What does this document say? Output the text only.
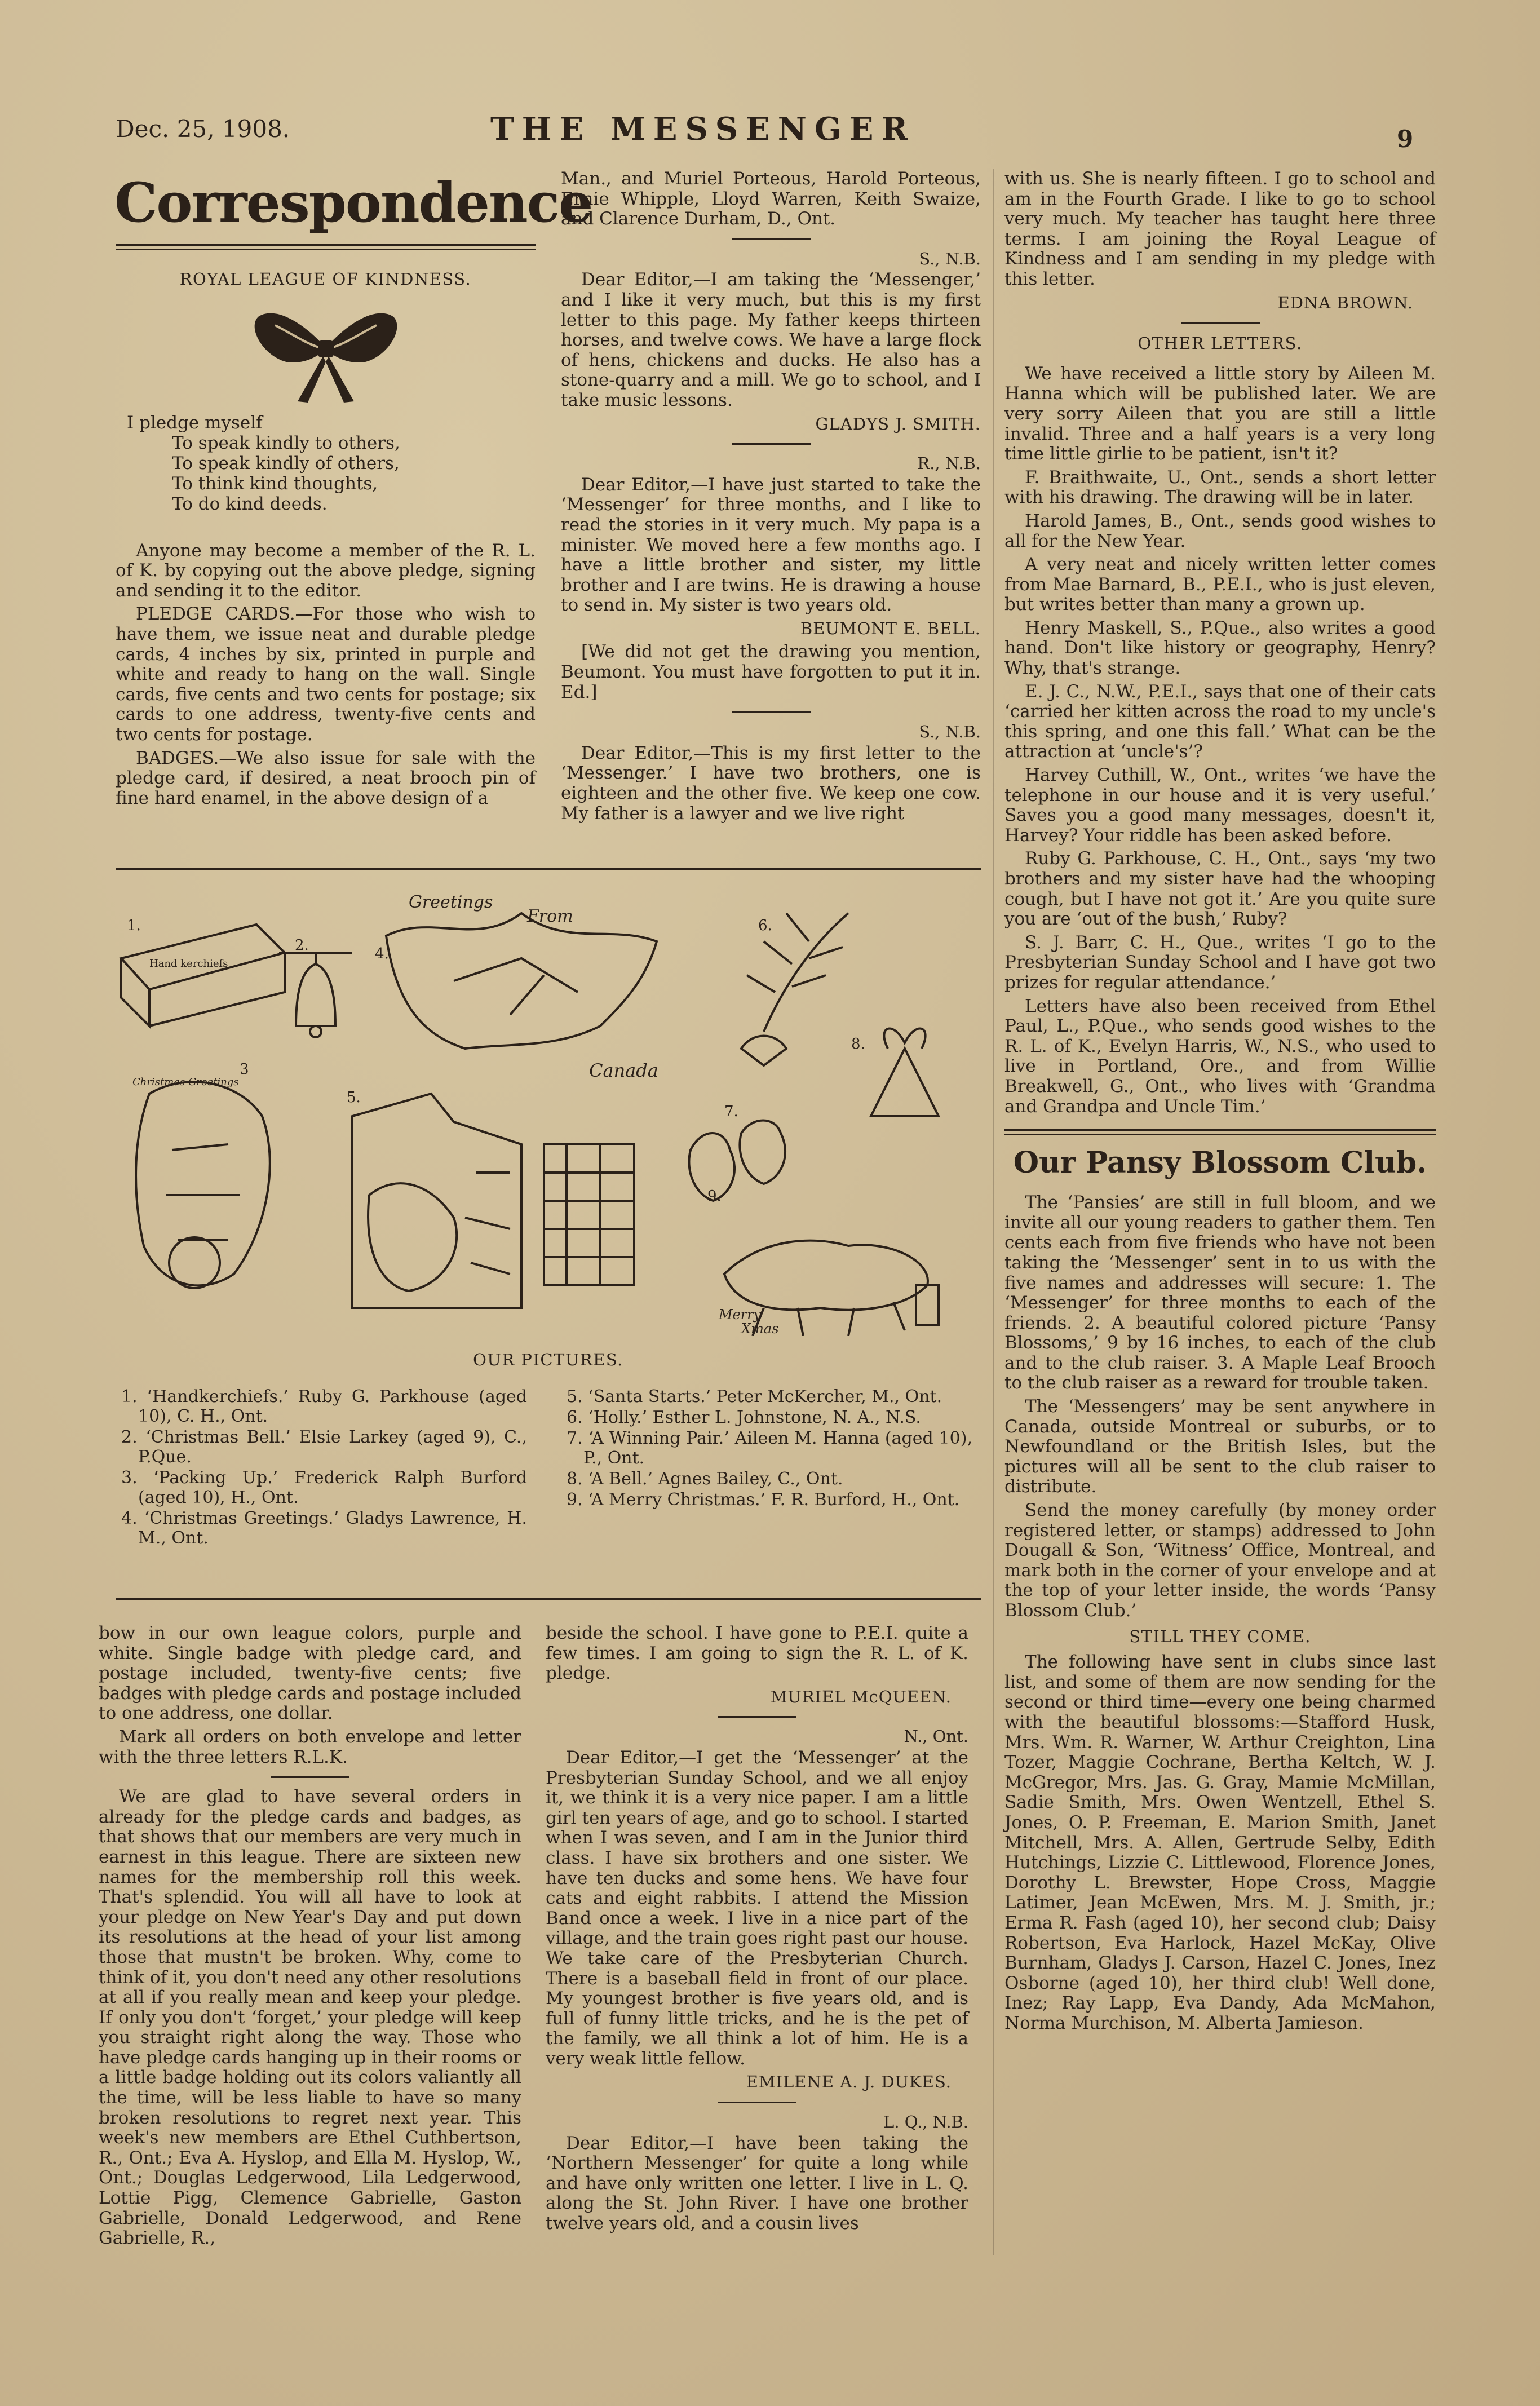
Dec. 25, 1908.	THE MESSENGER	9
Correspondence
ROYAL LEAGUE OF KINDNESS.
I pledge myself
To speak kindly to others,
To speak kindly of others,
To think kind thoughts,
To do kind deeds.

Anyone may become a member of the R. L. of K. by copying out the above pledge, signing and sending it to the editor.

PLEDGE CARDS.—For those who wish to have them, we issue neat and durable pledge cards, 4 inches by six, printed in purple and white and ready to hang on the wall. Single cards, five cents and two cents for postage; six cards to one address, twenty-five cents and two cents for postage.

BADGES.—We also issue for sale with the pledge card, if desired, a neat brooch pin of fine hard enamel, in the above design of a

Man., and Muriel Porteous, Harold Porteous, Ernie Whipple, Lloyd Warren, Keith Swaize, and Clarence Durham, D., Ont.

S., N.B.

Dear Editor,—I am taking the ‘Messenger,’ and I like it very much, but this is my first letter to this page. My father keeps thirteen horses, and twelve cows. We have a large flock of hens, chickens and ducks. He also has a stone-quarry and a mill. We go to school, and I take music lessons.

GLADYS J. SMITH.
R., N.B.

Dear Editor,—I have just started to take the ‘Messenger’ for three months, and I like to read the stories in it very much. My papa is a minister. We moved here a few months ago. I have a little brother and sister, my little brother and I are twins. He is drawing a house to send in. My sister is two years old.

BEUMONT E. BELL.

[We did not get the drawing you mention, Beumont. You must have forgotten to put it in. Ed.]

S., N.B.

Dear Editor,—This is my first letter to the ‘Messenger.’ I have two brothers, one is eighteen and the other five. We keep one cow. My father is a lawyer and we live right

with us. She is nearly fifteen. I go to school and am in the Fourth Grade. I like to go to school very much. My teacher has taught here three terms. I am joining the Royal League of Kindness and I am sending in my pledge with this letter.

EDNA BROWN.
OTHER LETTERS.

We have received a little story by Aileen M. Hanna which will be published later. We are very sorry Aileen that you are still a little invalid. Three and a half years is a very long time little girlie to be patient, isn't it?

F. Braithwaite, U., Ont., sends a short letter with his drawing. The drawing will be in later.

Harold James, B., Ont., sends good wishes to all for the New Year.

A very neat and nicely written letter comes from Mae Barnard, B., P.E.I., who is just eleven, but writes better than many a grown up.

Henry Maskell, S., P.Que., also writes a good hand. Don't like history or geography, Henry? Why, that's strange.

E. J. C., N.W., P.E.I., says that one of their cats ‘carried her kitten across the road to my uncle's this spring, and one this fall.’ What can be the attraction at ‘uncle's’?

Harvey Cuthill, W., Ont., writes ‘we have the telephone in our house and it is very useful.’ Saves you a good many messages, doesn't it, Harvey? Your riddle has been asked before.

Ruby G. Parkhouse, C. H., Ont., says ‘my two brothers and my sister have had the whooping cough, but I have not got it.’ Are you quite sure you are ‘out of the bush,’ Ruby?

S. J. Barr, C. H., Que., writes ‘I go to the Presbyterian Sunday School and I have got two prizes for regular attendance.’

Letters have also been received from Ethel Paul, L., P.Que., who sends good wishes to the R. L. of K., Evelyn Harris, W., N.S., who used to live in Portland, Ore., and from Willie Breakwell, G., Ont., who lives with ‘Grandma and Grandpa and Uncle Tim.’

Our Pansy Blossom Club.

The ‘Pansies’ are still in full bloom, and we invite all our young readers to gather them. Ten cents each from five friends who have not been taking the ‘Messenger’ sent in to us with the five names and addresses will secure: 1. The ‘Messenger’ for three months to each of the friends. 2. A beautiful colored picture ‘Pansy Blossoms,’ 9 by 16 inches, to each of the club and to the club raiser. 3. A Maple Leaf Brooch to the club raiser as a reward for trouble taken.

The ‘Messengers’ may be sent anywhere in Canada, outside Montreal or suburbs, or to Newfoundland or the British Isles, but the pictures will all be sent to the club raiser to distribute.

Send the money carefully (by money order registered letter, or stamps) addressed to John Dougall & Son, ‘Witness’ Office, Montreal, and mark both in the corner of your envelope and at the top of your letter inside, the words ‘Pansy Blossom Club.’

STILL THEY COME.

The following have sent in clubs since last list, and some of them are now sending for the second or third time—every one being charmed with the beautiful blossoms:—Stafford Husk, Mrs. Wm. R. Warner, W. Arthur Creighton, Lina Tozer, Maggie Cochrane, Bertha Keltch, W. J. McGregor, Mrs. Jas. G. Gray, Mamie McMillan, Sadie Smith, Mrs. Owen Wentzell, Ethel S. Jones, O. P. Freeman, E. Marion Smith, Janet Mitchell, Mrs. A. Allen, Gertrude Selby, Edith Hutchings, Lizzie C. Littlewood, Florence Jones, Dorothy L. Brewster, Hope Cross, Maggie Latimer, Jean McEwen, Mrs. M. J. Smith, jr.; Erma R. Fash (aged 10), her second club; Daisy Robertson, Eva Harlock, Hazel McKay, Olive Burnham, Gladys J. Carson, Hazel C. Jones, Inez Osborne (aged 10), her third club! Well done, Inez; Ray Lapp, Eva Dandy, Ada McMahon, Norma Murchison, M. Alberta Jamieson.

1.
Hand kerchiefs
2.	4.
Greetings
From
Canada
6.
8.
3
Christmas Greetings
5.
7.
9.
Merry
Xmas
OUR PICTURES.
1. ‘Handkerchiefs.’ Ruby G. Parkhouse (aged 10), C. H., Ont.
2. ‘Christmas Bell.’ Elsie Larkey (aged 9), C., P.Que.
3. ‘Packing Up.’ Frederick Ralph Burford (aged 10), H., Ont.
4. ‘Christmas Greetings.’ Gladys Lawrence, H. M., Ont.
5. ‘Santa Starts.’ Peter McKercher, M., Ont.
6. ‘Holly.’ Esther L. Johnstone, N. A., N.S.
7. ‘A Winning Pair.’ Aileen M. Hanna (aged 10), P., Ont.
8. ‘A Bell.’ Agnes Bailey, C., Ont.
9. ‘A Merry Christmas.’ F. R. Burford, H., Ont.

bow in our own league colors, purple and white. Single badge with pledge card, and postage included, twenty-five cents; five badges with pledge cards and postage included to one address, one dollar.

Mark all orders on both envelope and letter with the three letters R.L.K.

We are glad to have several orders in already for the pledge cards and badges, as that shows that our members are very much in earnest in this league. There are sixteen new names for the membership roll this week. That's splendid. You will all have to look at your pledge on New Year's Day and put down its resolutions at the head of your list among those that mustn't be broken. Why, come to think of it, you don't need any other resolutions at all if you really mean and keep your pledge. If only you don't ‘forget,’ your pledge will keep you straight right along the way. Those who have pledge cards hanging up in their rooms or a little badge holding out its colors valiantly all the time, will be less liable to have so many broken resolutions to regret next year. This week's new members are Ethel Cuthbertson, R., Ont.; Eva A. Hyslop, and Ella M. Hyslop, W., Ont.; Douglas Ledgerwood, Lila Ledgerwood, Lottie Pigg, Clemence Gabrielle, Gaston Gabrielle, Donald Ledgerwood, and Rene Gabrielle, R.,

beside the school. I have gone to P.E.I. quite a few times. I am going to sign the R. L. of K. pledge.

MURIEL McQUEEN.
N., Ont.

Dear Editor,—I get the ‘Messenger’ at the Presbyterian Sunday School, and we all enjoy it, we think it is a very nice paper. I am a little girl ten years of age, and go to school. I started when I was seven, and I am in the Junior third class. I have six brothers and one sister. We have ten ducks and some hens. We have four cats and eight rabbits. I attend the Mission Band once a week. I live in a nice part of the village, and the train goes right past our house. We take care of the Presbyterian Church. There is a baseball field in front of our place. My youngest brother is five years old, and is full of funny little tricks, and he is the pet of the family, we all think a lot of him. He is a very weak little fellow.

EMILENE A. J. DUKES.
L. Q., N.B.

Dear Editor,—I have been taking the ‘Northern Messenger’ for quite a long while and have only written one letter. I live in L. Q. along the St. John River. I have one brother twelve years old, and a cousin lives
